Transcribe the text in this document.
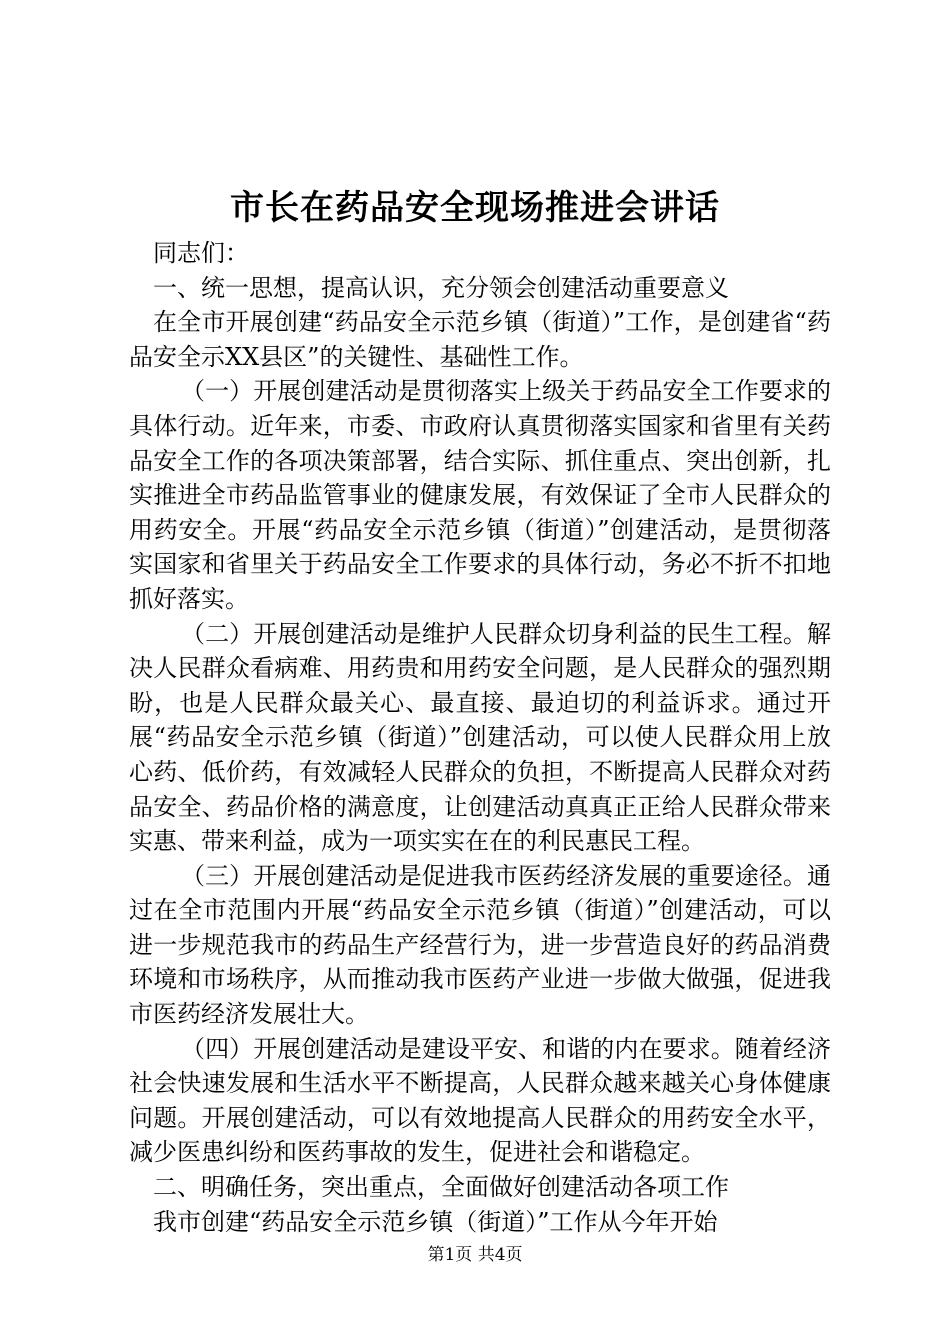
市长在药品安全现场推进会讲话

同志们：

一、统一思想，提高认识，充分领会创建活动重要意义

在全市开展创建“药品安全示范乡镇（街道）”工作，是创建省“药品安全示XX县区”的关键性、基础性工作。

（一）开展创建活动是贯彻落实上级关于药品安全工作要求的具体行动。近年来，市委、市政府认真贯彻落实国家和省里有关药品安全工作的各项决策部署，结合实际、抓住重点、突出创新，扎实推进全市药品监管事业的健康发展，有效保证了全市人民群众的用药安全。开展“药品安全示范乡镇（街道）”创建活动，是贯彻落实国家和省里关于药品安全工作要求的具体行动，务必不折不扣地抓好落实。

（二）开展创建活动是维护人民群众切身利益的民生工程。解决人民群众看病难、用药贵和用药安全问题，是人民群众的强烈期盼，也是人民群众最关心、最直接、最迫切的利益诉求。通过开展“药品安全示范乡镇（街道）”创建活动，可以使人民群众用上放心药、低价药，有效减轻人民群众的负担，不断提高人民群众对药品安全、药品价格的满意度，让创建活动真真正正给人民群众带来实惠、带来利益，成为一项实实在在的利民惠民工程。

（三）开展创建活动是促进我市医药经济发展的重要途径。通过在全市范围内开展“药品安全示范乡镇（街道）”创建活动，可以进一步规范我市的药品生产经营行为，进一步营造良好的药品消费环境和市场秩序，从而推动我市医药产业进一步做大做强，促进我市医药经济发展壮大。

（四）开展创建活动是建设平安、和谐的内在要求。随着经济社会快速发展和生活水平不断提高，人民群众越来越关心身体健康问题。开展创建活动，可以有效地提高人民群众的用药安全水平，减少医患纠纷和医药事故的发生，促进社会和谐稳定。

二、明确任务，突出重点，全面做好创建活动各项工作

我市创建“药品安全示范乡镇（街道）”工作从今年开始

第1页 共4页
